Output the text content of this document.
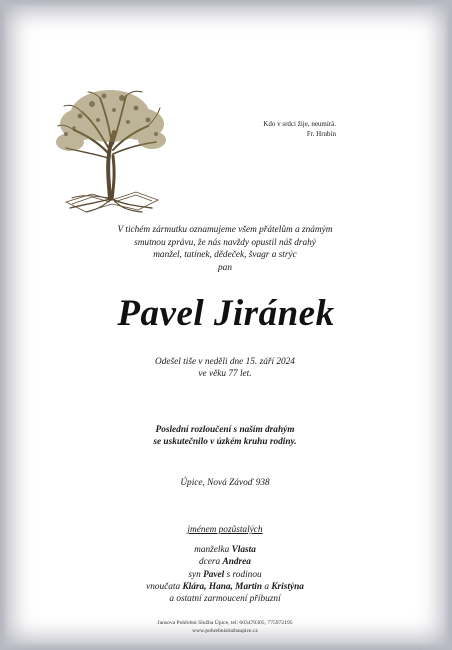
Kdo v srdci žije, neumírá.
Fr. Hrubín
V tichém zármutku oznamujeme všem přátelům a známým
smutnou zprávu, že nás navždy opustil náš drahý
manžel, tatínek, dědeček, švagr a strýc
pan
Pavel Jiránek
Odešel tiše v neděli dne 15. září 2024
ve věku 77 let.
Poslední rozloučení s naším drahým
se uskutečnilo v úzkém kruhu rodiny.
Úpice, Nová Závoď 938
jménem pozůstalých
manželka Vlasta
dcera Andrea
syn Pavel s rodinou
vnoučata Klára, Hana, Martin a Kristýna
a ostatní zarmoucení příbuzní
Jansova Pohřební Služba Úpice, tel: 603470305, 775972195
www.pohrebnisluzbaupice.cz
